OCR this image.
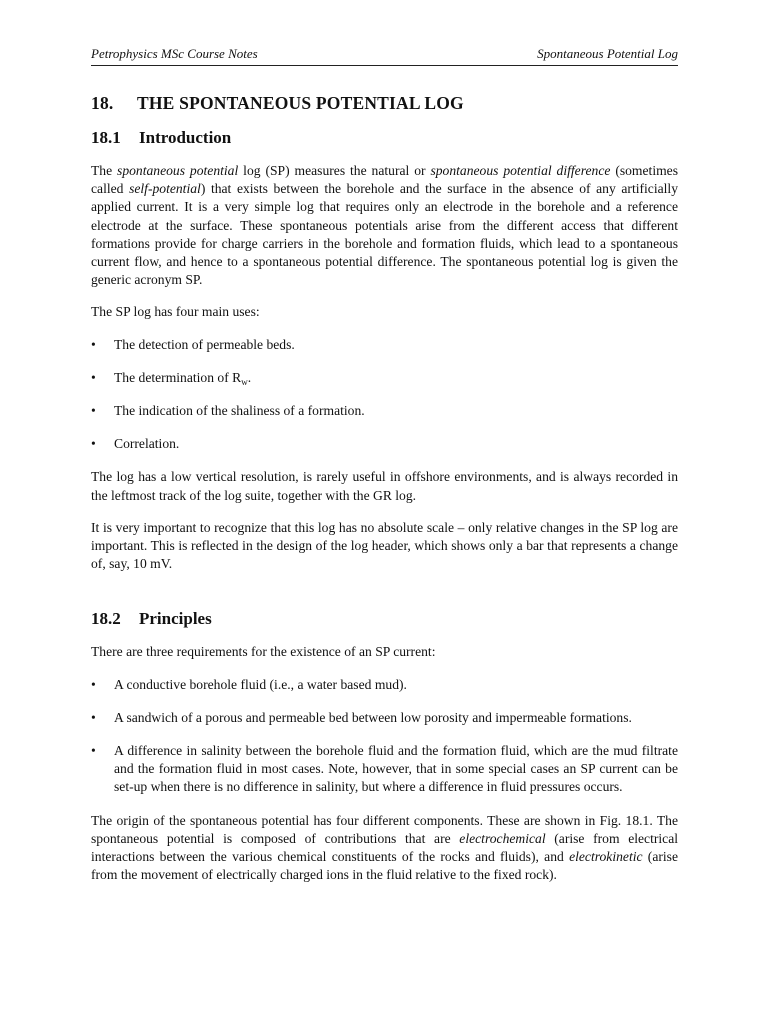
Petrophysics MSc Course Notes	Spontaneous Potential Log
18.	THE SPONTANEOUS POTENTIAL LOG
18.1	Introduction

The spontaneous potential log (SP) measures the natural or spontaneous potential difference (sometimes called self-potential) that exists between the borehole and the surface in the absence of any artificially applied current. It is a very simple log that requires only an electrode in the borehole and a reference electrode at the surface. These spontaneous potentials arise from the different access that different formations provide for charge carriers in the borehole and formation fluids, which lead to a spontaneous current flow, and hence to a spontaneous potential difference. The spontaneous potential log is given the generic acronym SP.

The SP log has four main uses:

• The detection of permeable beds.
• The determination of $R_w$.
• The indication of the shaliness of a formation.
• Correlation.

The log has a low vertical resolution, is rarely useful in offshore environments, and is always recorded in the leftmost track of the log suite, together with the GR log.

It is very important to recognize that this log has no absolute scale – only relative changes in the SP log are important. This is reflected in the design of the log header, which shows only a bar that represents a change of, say, 10 mV.

18.2	Principles

There are three requirements for the existence of an SP current:

• A conductive borehole fluid (i.e., a water based mud).
• A sandwich of a porous and permeable bed between low porosity and impermeable formations.
• A difference in salinity between the borehole fluid and the formation fluid, which are the mud filtrate and the formation fluid in most cases. Note, however, that in some special cases an SP current can be set-up when there is no difference in salinity, but where a difference in fluid pressures occurs.

The origin of the spontaneous potential has four different components. These are shown in Fig. 18.1. The spontaneous potential is composed of contributions that are electrochemical (arise from electrical interactions between the various chemical constituents of the rocks and fluids), and electrokinetic (arise from the movement of electrically charged ions in the fluid relative to the fixed rock).
